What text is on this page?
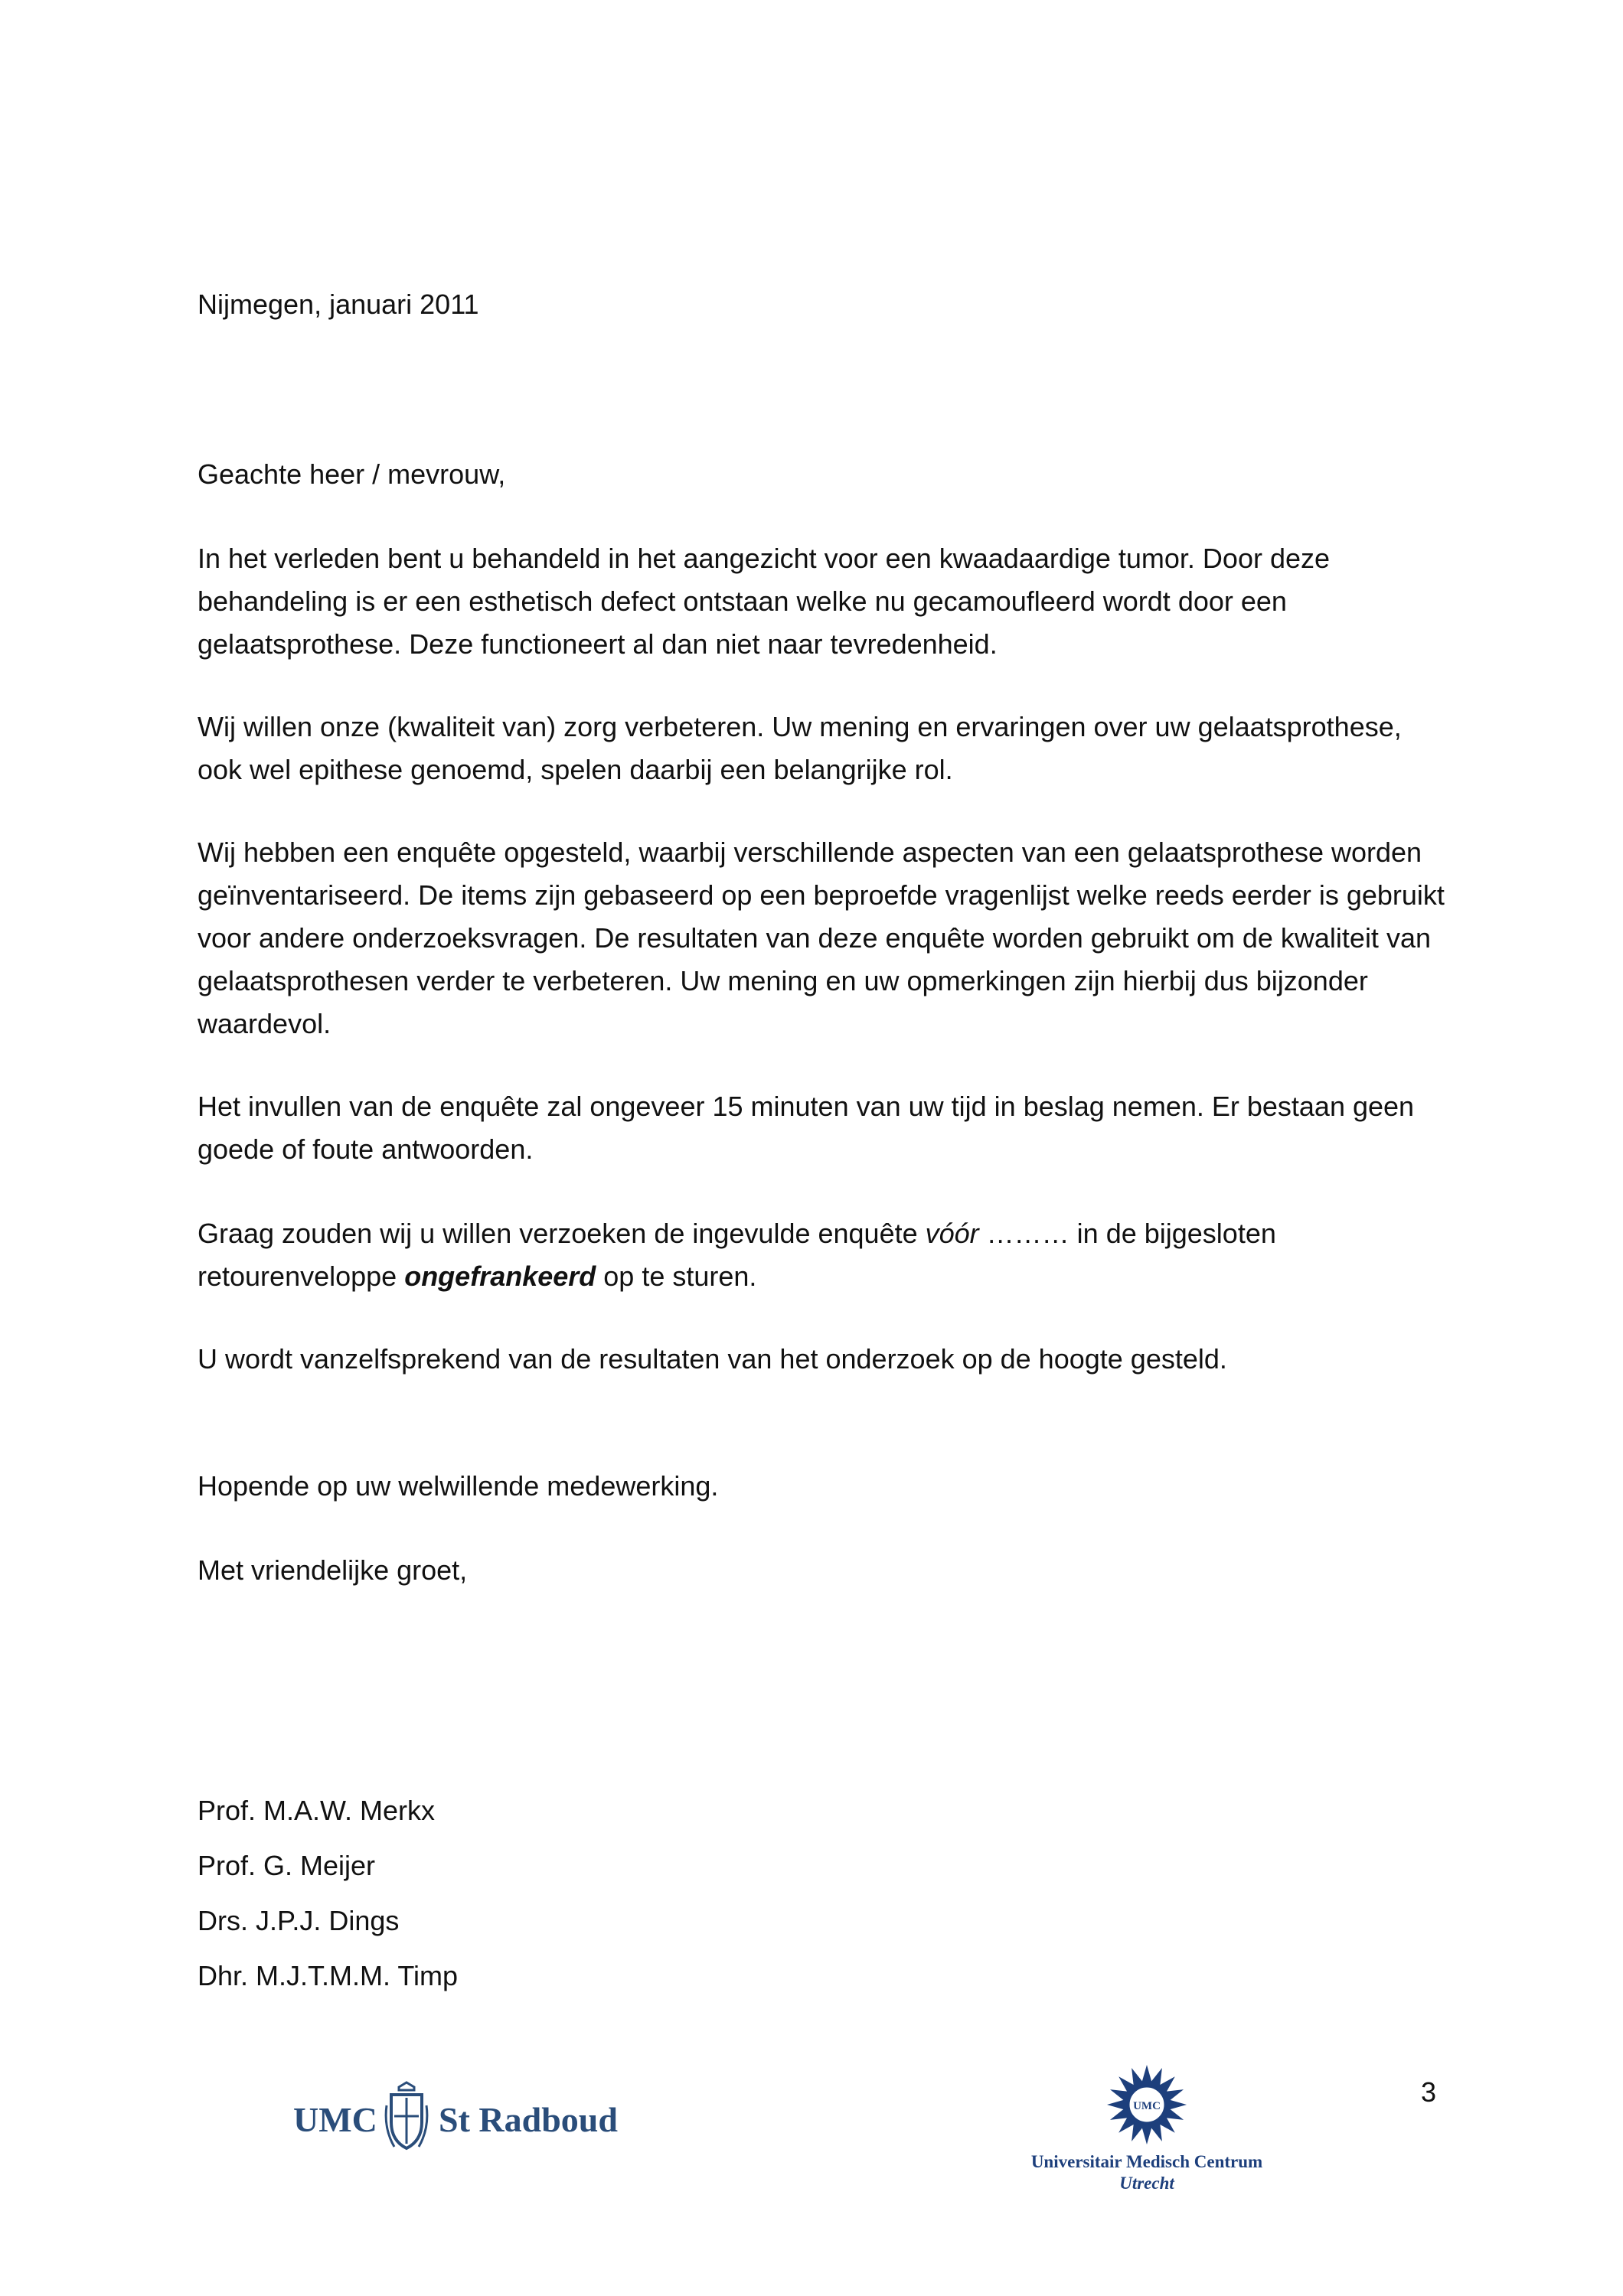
Nijmegen, januari 2011

Geachte heer / mevrouw,

In het verleden bent u behandeld in het aangezicht voor een kwaadaardige tumor. Door deze behandeling is er een esthetisch defect ontstaan welke nu gecamoufleerd wordt door een gelaatsprothese. Deze functioneert al dan niet naar tevredenheid.

Wij willen onze (kwaliteit van) zorg verbeteren. Uw mening en ervaringen over uw gelaatsprothese, ook wel epithese genoemd, spelen daarbij een belangrijke rol.

Wij hebben een enquête opgesteld, waarbij verschillende aspecten van een gelaatsprothese worden geïnventariseerd. De items zijn gebaseerd op een beproefde vragenlijst welke reeds eerder is gebruikt voor andere onderzoeksvragen. De resultaten van deze enquête worden gebruikt om de kwaliteit van gelaatsprothesen verder te verbeteren. Uw mening en uw opmerkingen zijn hierbij dus bijzonder waardevol.

Het invullen van de enquête zal ongeveer 15 minuten van uw tijd in beslag nemen. Er bestaan geen goede of foute antwoorden.

Graag zouden wij u willen verzoeken de ingevulde enquête vóór ……… in de bijgesloten retourenveloppe ongefrankeerd op te sturen.

U wordt vanzelfsprekend van de resultaten van het onderzoek op de hoogte gesteld.

Hopende op uw welwillende medewerking.

Met vriendelijke groet,

Prof. M.A.W. Merkx

Prof. G. Meijer

Drs. J.P.J. Dings

Dhr. M.J.T.M.M. Timp

3
UMC St Radboud	UMC
Universitair Medisch Centrum
Utrecht
